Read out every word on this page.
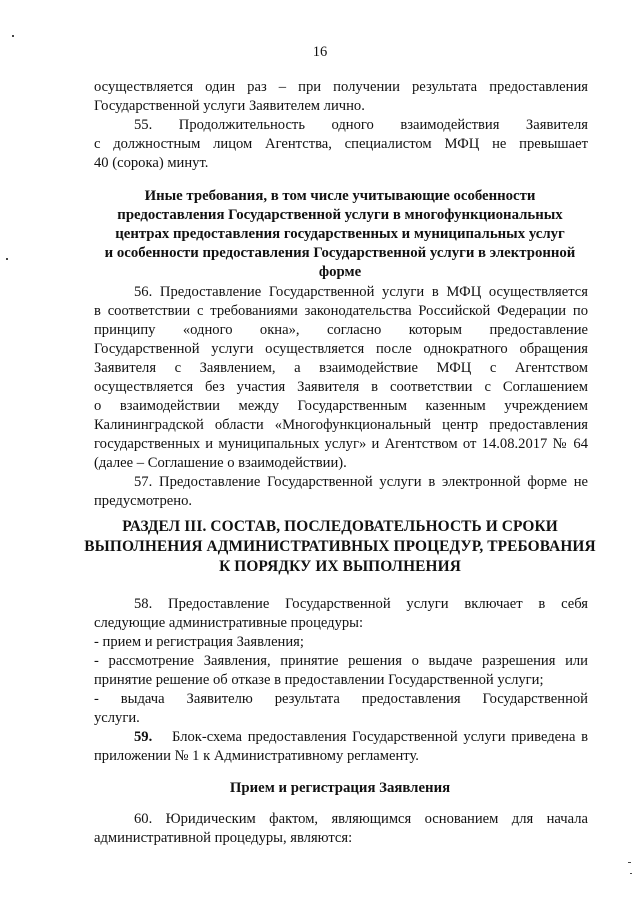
16
осуществляется один раз – при получении результата предоставления
Государственной услуги Заявителем лично.
55. Продолжительность одного взаимодействия Заявителя
с должностным лицом Агентства, специалистом МФЦ не превышает
40 (сорока) минут.
Иные требования, в том числе учитывающие особенности
предоставления Государственной услуги в многофункциональных
центрах предоставления государственных и муниципальных услуг
и особенности предоставления Государственной услуги в электронной
форме
56. Предоставление Государственной услуги в МФЦ осуществляется
в соответствии с требованиями законодательства Российской Федерации по
принципу «одного окна», согласно которым предоставление
Государственной услуги осуществляется после однократного обращения
Заявителя с Заявлением, а взаимодействие МФЦ с Агентством
осуществляется без участия Заявителя в соответствии с Соглашением
о взаимодействии между Государственным казенным учреждением
Калининградской области «Многофункциональный центр предоставления
государственных и муниципальных услуг» и Агентством от 14.08.2017 № 64
(далее – Соглашение о взаимодействии).
57. Предоставление Государственной услуги в электронной форме не
предусмотрено.
РАЗДЕЛ III. СОСТАВ, ПОСЛЕДОВАТЕЛЬНОСТЬ И СРОКИ
ВЫПОЛНЕНИЯ АДМИНИСТРАТИВНЫХ ПРОЦЕДУР, ТРЕБОВАНИЯ
К ПОРЯДКУ ИХ ВЫПОЛНЕНИЯ
58. Предоставление Государственной услуги включает в себя
следующие административные процедуры:
- прием и регистрация Заявления;
- рассмотрение Заявления, принятие решения о выдаче разрешения или
принятие решение об отказе в предоставлении Государственной услуги;
- выдача Заявителю результата предоставления Государственной
услуги.
59. Блок-схема предоставления Государственной услуги приведена в
приложении № 1 к Административному регламенту.
Прием и регистрация Заявления
60. Юридическим фактом, являющимся основанием для начала
административной процедуры, являются:
